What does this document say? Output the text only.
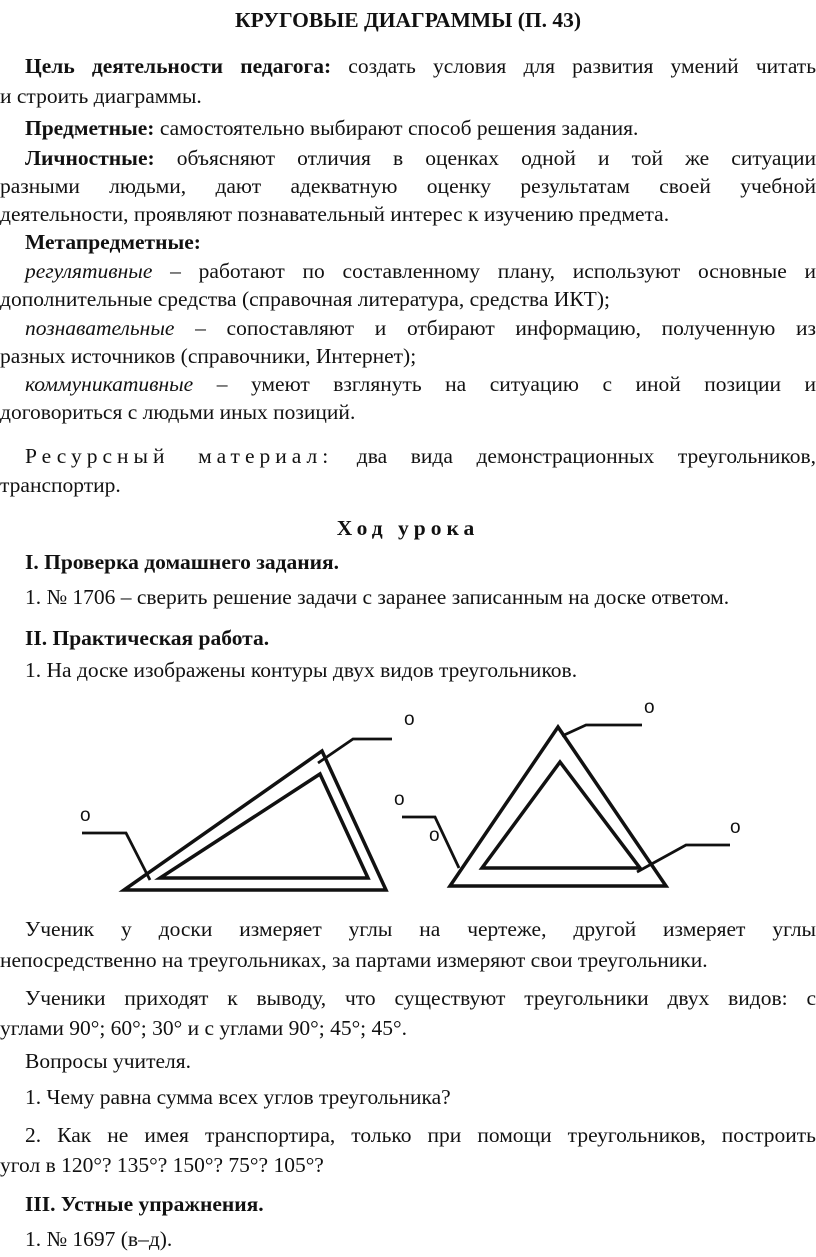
КРУГОВЫЕ ДИАГРАММЫ (П. 43)
Цель деятельности педагога: создать условия для развития умений читать
и строить диаграммы.
Предметные: самостоятельно выбирают способ решения задания.
Личностные: объясняют отличия в оценках одной и той же ситуации
разными людьми, дают адекватную оценку результатам своей учебной
деятельности, проявляют познавательный интерес к изучению предмета.
Метапредметные:
регулятивные – работают по составленному плану, используют основные и
дополнительные средства (справочная литература, средства ИКТ);
познавательные – сопоставляют и отбирают информацию, полученную из
разных источников (справочники, Интернет);
коммуникативные – умеют взглянуть на ситуацию с иной позиции и
договориться с людьми иных позиций.
Ресурсный материал: два вида демонстрационных треугольников,
транспортир.
Ход урока
I. Проверка домашнего задания.
1. № 1706 – сверить решение задачи с заранее записанным на доске ответом.
II. Практическая работа.
1. На доске изображены контуры двух видов треугольников.
o
o
o
o
o
o
Ученик у доски измеряет углы на чертеже, другой измеряет углы
непосредственно на треугольниках, за партами измеряют свои треугольники.
Ученики приходят к выводу, что существуют треугольники двух видов: с
углами 90°; 60°; 30° и с углами 90°; 45°; 45°.
Вопросы учителя.
1. Чему равна сумма всех углов треугольника?
2. Как не имея транспортира, только при помощи треугольников, построить
угол в 120°? 135°? 150°? 75°? 105°?
III. Устные упражнения.
1. № 1697 (в–д).
